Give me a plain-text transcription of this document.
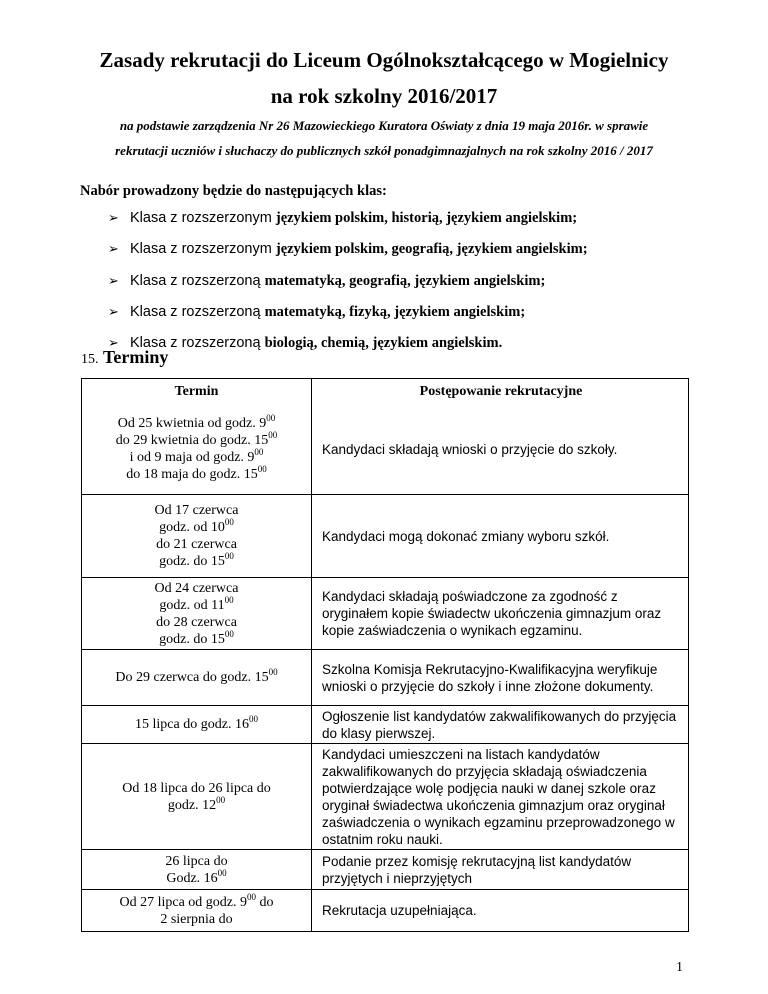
Zasady rekrutacji do Liceum Ogólnokształcącego w Mogielnicy
na rok szkolny 2016/2017
na podstawie zarządzenia Nr 26 Mazowieckiego Kuratora Oświaty z dnia 19 maja 2016r. w sprawie
rekrutacji uczniów i słuchaczy do publicznych szkół ponadgimnazjalnych na rok szkolny 2016 / 2017
Nabór prowadzony będzie do następujących klas:
➢ Klasa z rozszerzonym językiem polskim, historią, językiem angielskim;
➢ Klasa z rozszerzonym językiem polskim, geografią, językiem angielskim;
➢ Klasa z rozszerzoną matematyką, geografią, językiem angielskim;
➢ Klasa z rozszerzoną matematyką, fizyką, językiem angielskim;
➢ Klasa z rozszerzoną biologią, chemią, językiem angielskim.
15. Terminy
Termin	Postępowanie rekrutacyjne

Od 25 kwietnia od godz. $9^{00}$
do 29 kwietnia do godz. $15^{00}$
i od 9 maja od godz. $9^{00}$
do 18 maja do godz. $15^{00}$	Kandydaci składają wnioski o przyjęcie do szkoły.

Od 17 czerwca
godz. od $10^{00}$
do 21 czerwca
godz. do $15^{00}$	Kandydaci mogą dokonać zmiany wyboru szkół.

Od 24 czerwca
godz. od $11^{00}$
do 28 czerwca
godz. do $15^{00}$	Kandydaci składają poświadczone za zgodność z oryginałem kopie świadectw ukończenia gimnazjum oraz kopie zaświadczenia o wynikach egzaminu.
Do 29 czerwca do godz. $15^{00}$	Szkolna Komisja Rekrutacyjno-Kwalifikacyjna weryfikuje wnioski o przyjęcie do szkoły i inne złożone dokumenty.
15 lipca do godz. $16^{00}$	Ogłoszenie list kandydatów zakwalifikowanych do przyjęcia do klasy pierwszej.

Od 18 lipca do 26 lipca do
godz. $12^{00}$	Kandydaci umieszczeni na listach kandydatów zakwalifikowanych do przyjęcia składają oświadczenia potwierdzające wolę podjęcia nauki w danej szkole oraz oryginał świadectwa ukończenia gimnazjum oraz oryginał zaświadczenia o wynikach egzaminu przeprowadzonego w ostatnim roku nauki.

26 lipca do
Godz. $16^{00}$	Podanie przez komisję rekrutacyjną list kandydatów przyjętych i nieprzyjętych

Od 27 lipca od godz. $9^{00}$ do
2 sierpnia do	Rekrutacja uzupełniająca.
1
